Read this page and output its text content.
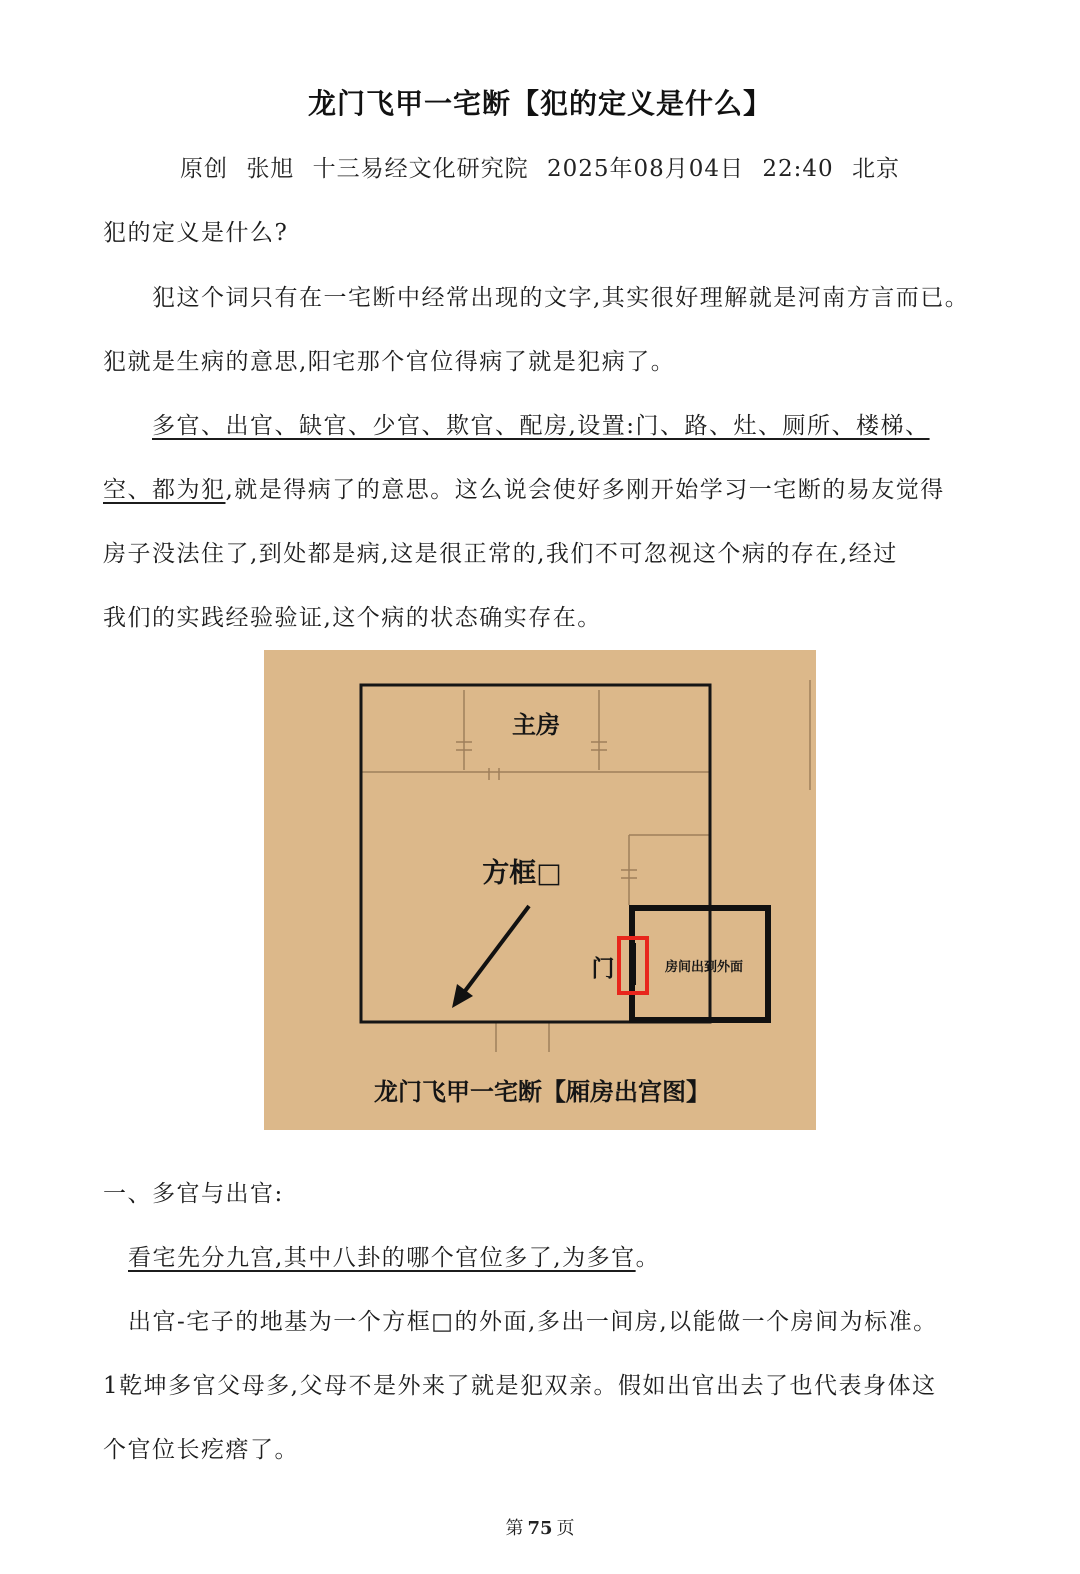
龙门飞甲一宅断【犯的定义是什么】
原创 张旭 十三易经文化研究院 2025年08月04日 22:40 北京
犯的定义是什么?
犯这个词只有在一宅断中经常出现的文字,其实很好理解就是河南方言而已。
犯就是生病的意思,阳宅那个官位得病了就是犯病了。
多官、出官、缺官、少官、欺官、配房,设置:门、路、灶、厕所、楼梯、
空、都为犯,就是得病了的意思。这么说会使好多刚开始学习一宅断的易友觉得
房子没法住了,到处都是病,这是很正常的,我们不可忽视这个病的存在,经过
我们的实践经验验证,这个病的状态确实存在。
主房
方框□
门	房间出到外面
龙门飞甲一宅断【厢房出宫图】
一、多官与出官:
看宅先分九宫,其中八卦的哪个官位多了,为多官。
出官-宅子的地基为一个方框□的外面,多出一间房,以能做一个房间为标准。
1乾坤多官父母多,父母不是外来了就是犯双亲。假如出官出去了也代表身体这
个官位长疙瘩了。
第 75 页
